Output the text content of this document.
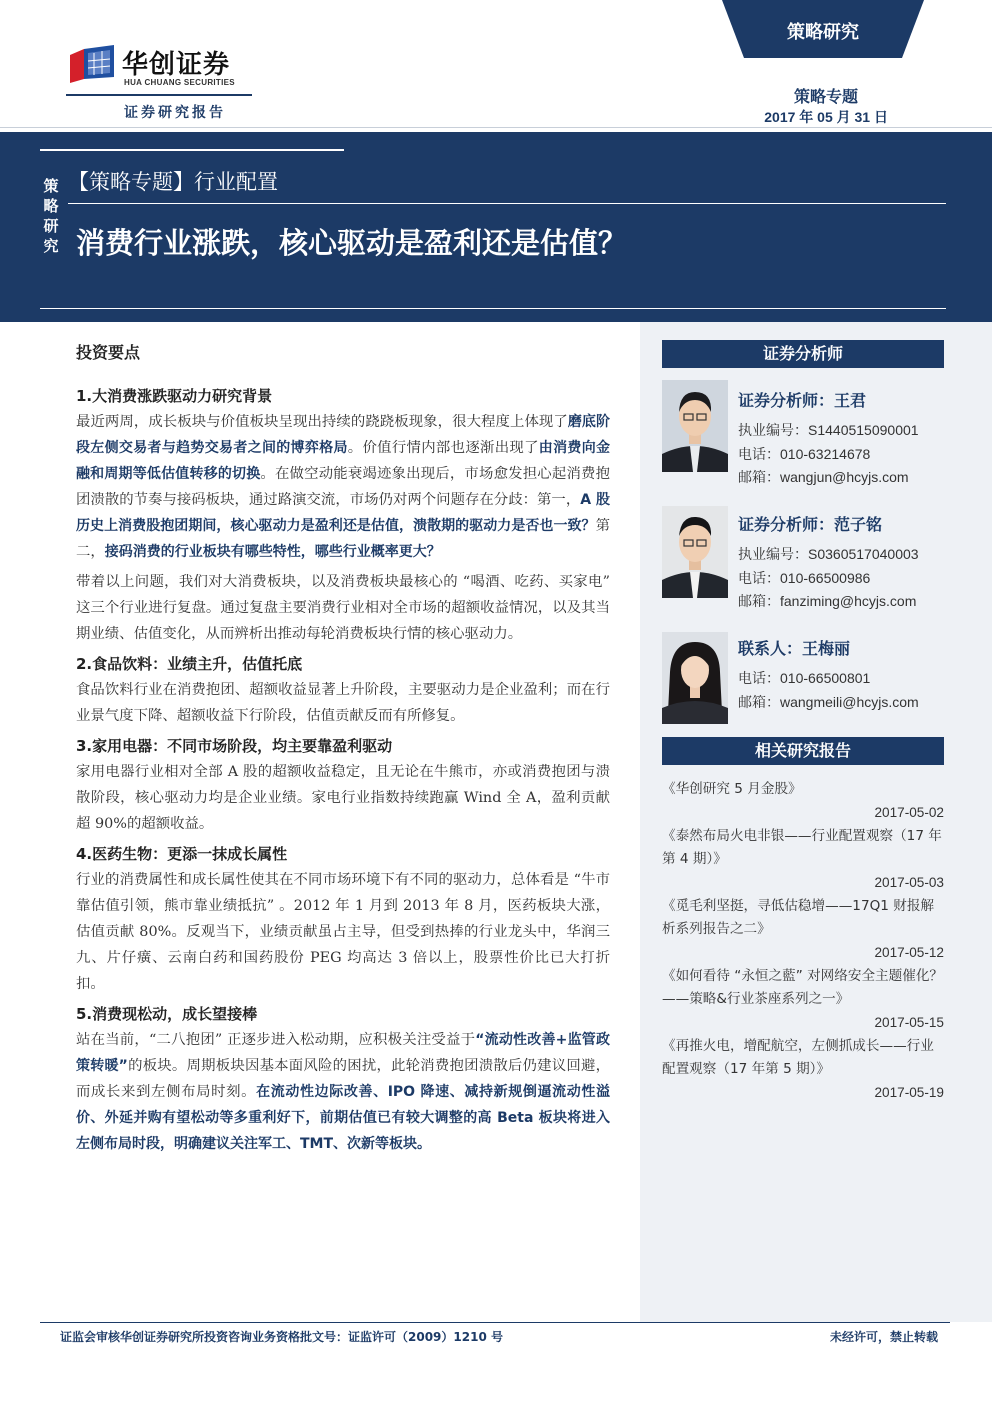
华创证券
HUA CHUANG SECURITIES
证券研究报告
策略研究
策略专题
2017 年 05 月 31 日
策略研究
【策略专题】行业配置
消费行业涨跌，核心驱动是盈利还是估值？
投资要点
1.大消费涨跌驱动力研究背景
最近两周，成长板块与价值板块呈现出持续的跷跷板现象，很大程度上体现了磨底阶段左侧交易者与趋势交易者之间的博弈格局。价值行情内部也逐渐出现了由消费向金融和周期等低估值转移的切换。在做空动能衰竭迹象出现后，市场愈发担心起消费抱团溃散的节奏与接码板块，通过路演交流，市场仍对两个问题存在分歧：第一，A 股历史上消费股抱团期间，核心驱动力是盈利还是估值，溃散期的驱动力是否也一致？第二，接码消费的行业板块有哪些特性，哪些行业概率更大？
带着以上问题，我们对大消费板块，以及消费板块最核心的 “喝酒、吃药、买家电” 这三个行业进行复盘。通过复盘主要消费行业相对全市场的超额收益情况，以及其当期业绩、估值变化，从而辨析出推动每轮消费板块行情的核心驱动力。
2.食品饮料：业绩主升，估值托底
食品饮料行业在消费抱团、超额收益显著上升阶段，主要驱动力是企业盈利；而在行业景气度下降、超额收益下行阶段，估值贡献反而有所修复。
3.家用电器：不同市场阶段，均主要靠盈利驱动
家用电器行业相对全部 A 股的超额收益稳定，且无论在牛熊市，亦或消费抱团与溃散阶段，核心驱动力均是企业业绩。家电行业指数持续跑赢 Wind 全 A，盈利贡献超 90%的超额收益。
4.医药生物：更添一抹成长属性
行业的消费属性和成长属性使其在不同市场环境下有不同的驱动力，总体看是 “牛市靠估值引领，熊市靠业绩抵抗” 。2012 年 1 月到 2013 年 8 月，医药板块大涨，估值贡献 80%。反观当下，业绩贡献虽占主导，但受到热捧的行业龙头中，华润三九、片仔癀、云南白药和国药股份 PEG 均高达 3 倍以上，股票性价比已大打折扣。
5.消费现松动，成长望接棒
站在当前，“二八抱团” 正逐步进入松动期，应积极关注受益于“流动性改善+监管政策转暖”的板块。周期板块因基本面风险的困扰，此轮消费抱团溃散后仍建议回避，而成长来到左侧布局时刻。在流动性边际改善、IPO 降速、减持新规倒逼流动性溢价、外延并购有望松动等多重利好下，前期估值已有较大调整的高 Beta 板块将进入左侧布局时段，明确建议关注军工、TMT、次新等板块。
证券分析师
证券分析师：王君
执业编号：S1440515090001
电话：010-63214678
邮箱：wangjun@hcyjs.com
证券分析师：范子铭
执业编号：S0360517040003
电话：010-66500986
邮箱：fanziming@hcyjs.com
联系人：王梅丽
电话：010-66500801
邮箱：wangmeili@hcyjs.com
相关研究报告
《华创研究 5 月金股》
2017-05-02
《泰然布局火电非银——行业配置观察（17 年第 4 期）》
2017-05-03
《觅毛利坚挺，寻低估稳增——17Q1 财报解析系列报告之二》
2017-05-12
《如何看待 “永恒之藍” 对网络安全主题催化？——策略&行业茶座系列之一》
2017-05-15
《再推火电，增配航空，左侧抓成长——行业配置观察（17 年第 5 期）》
2017-05-19
证监会审核华创证券研究所投资咨询业务资格批文号：证监许可（2009）1210 号	未经许可，禁止转载
